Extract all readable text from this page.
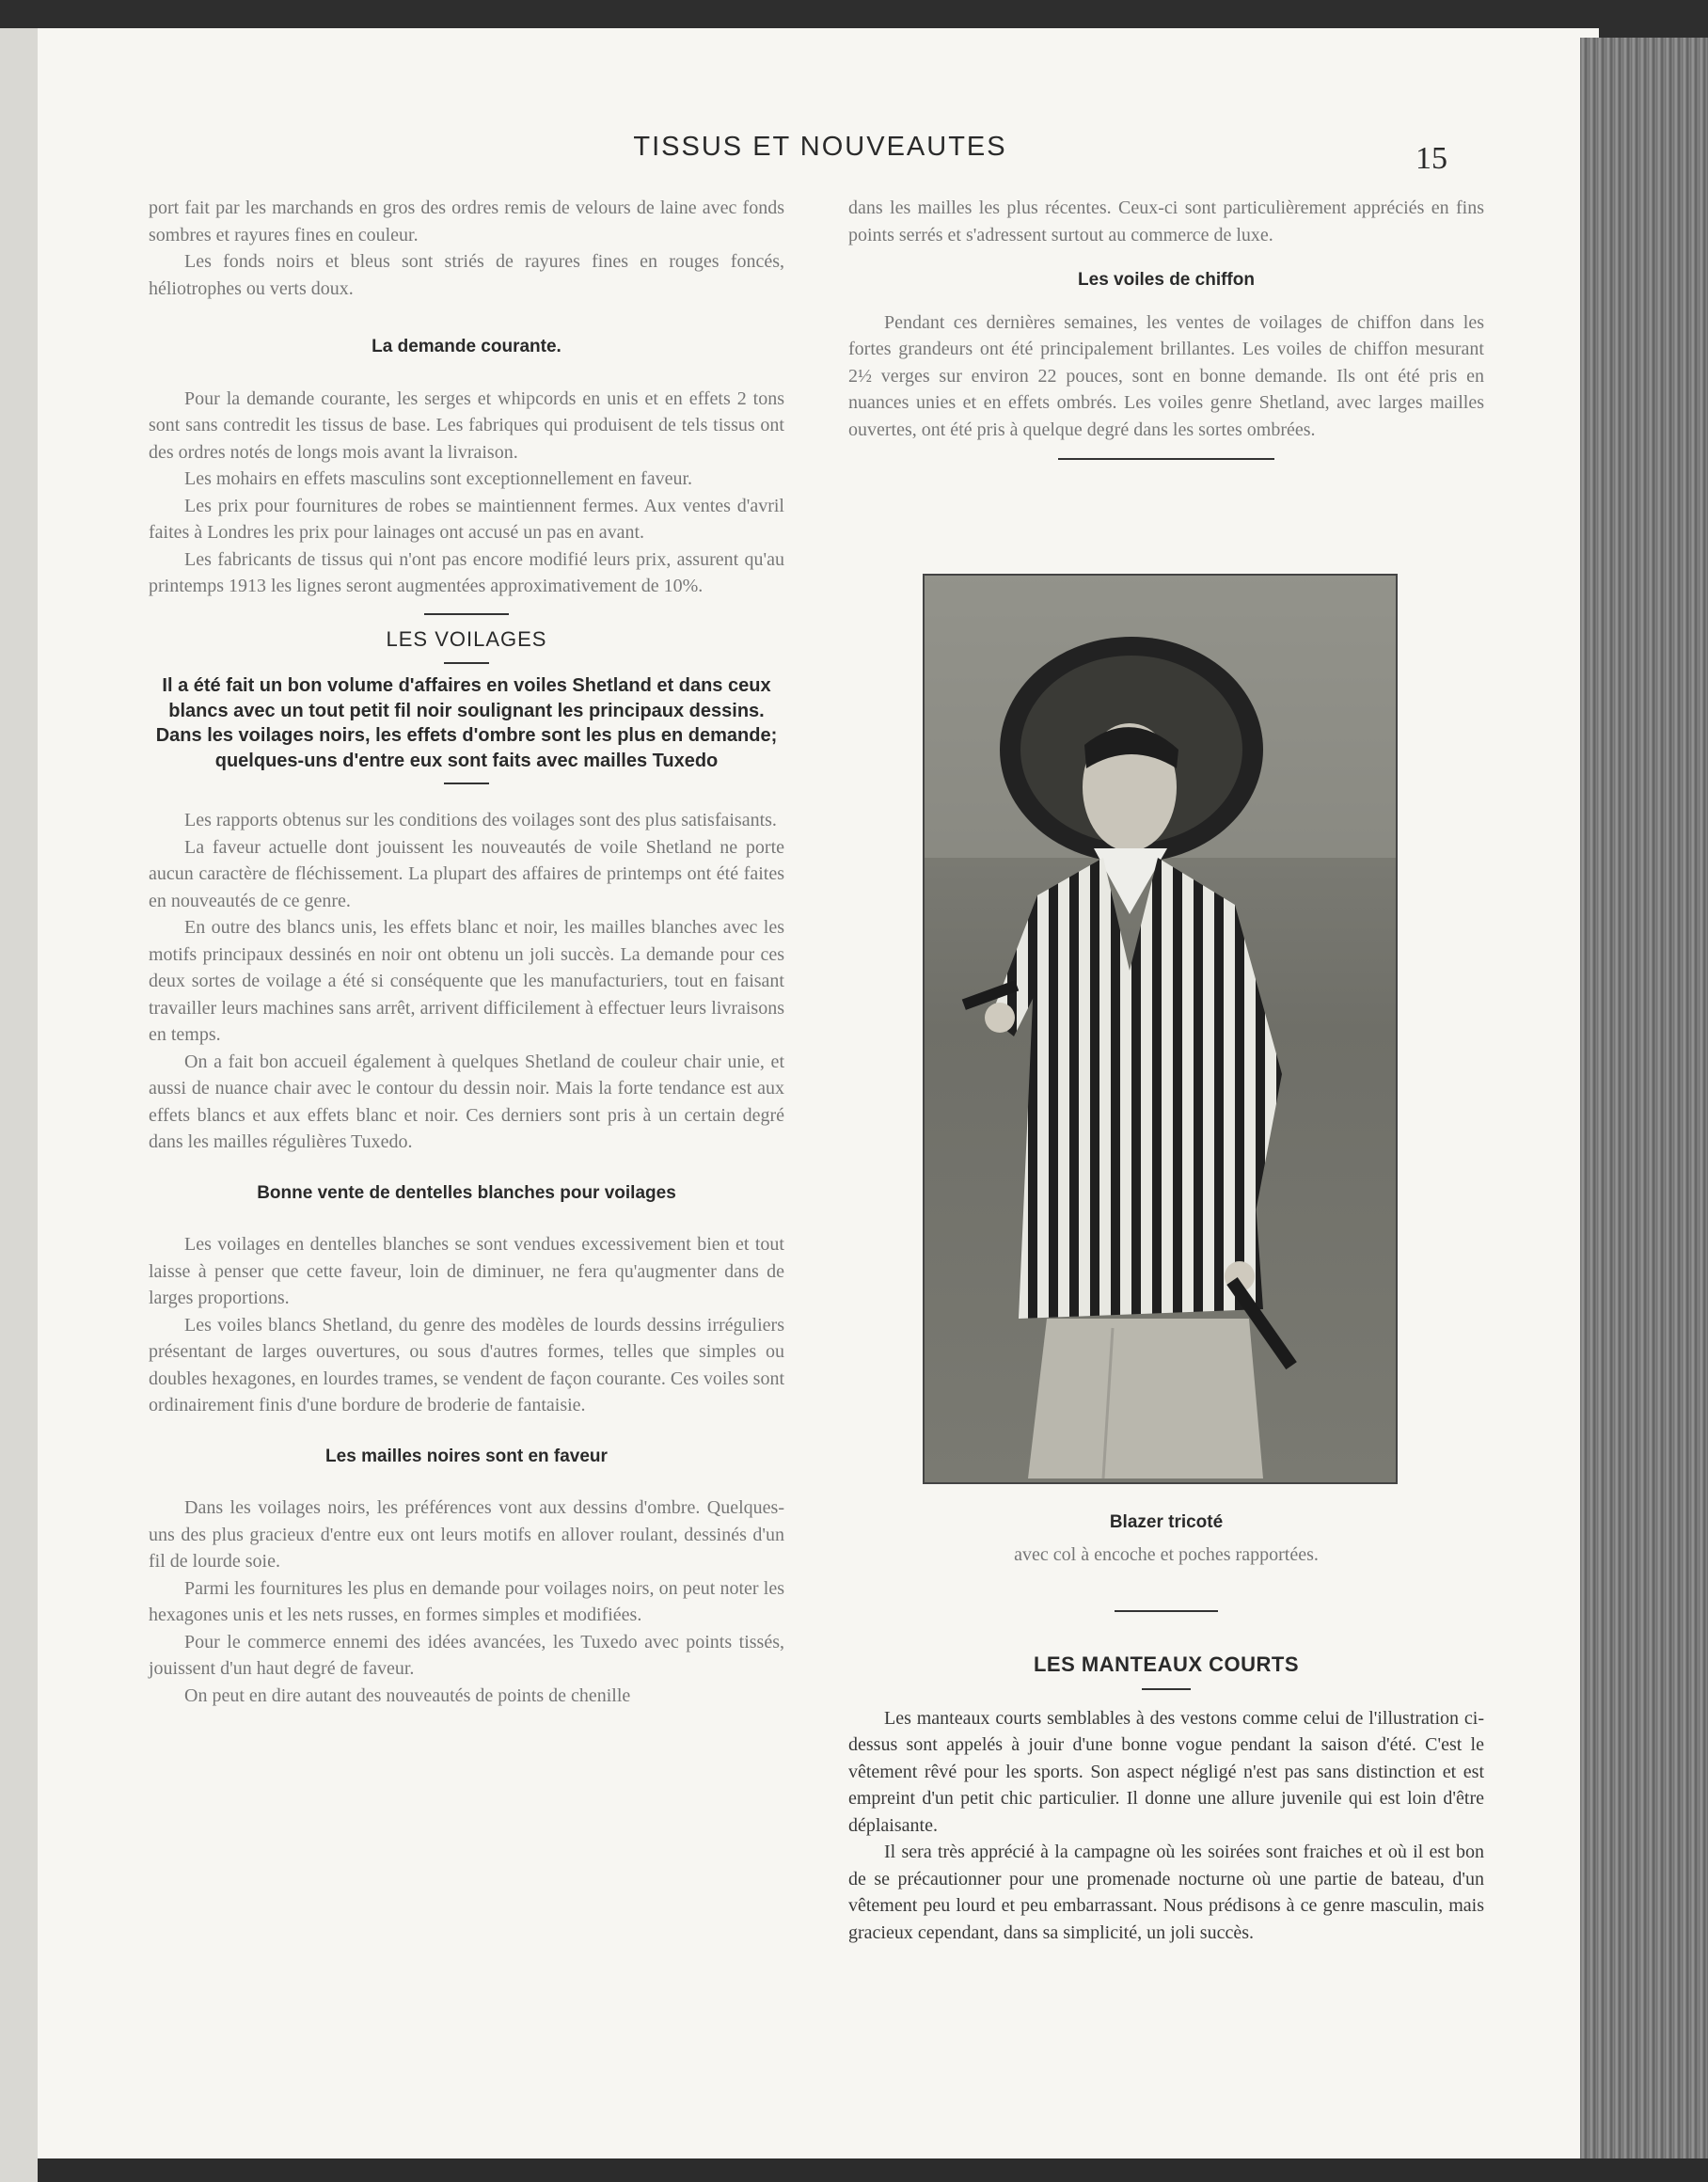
TISSUS ET NOUVEAUTES	15

port fait par les marchands en gros des ordres remis de velours de laine avec fonds sombres et rayures fines en couleur.

Les fonds noirs et bleus sont striés de rayures fines en rouges foncés, héliotrophes ou verts doux.

La demande courante.

Pour la demande courante, les serges et whipcords en unis et en effets 2 tons sont sans contredit les tissus de base. Les fabriques qui produisent de tels tissus ont des ordres notés de longs mois avant la livraison.

Les mohairs en effets masculins sont exceptionnellement en faveur.

Les prix pour fournitures de robes se maintiennent fermes. Aux ventes d'avril faites à Londres les prix pour lainages ont accusé un pas en avant.

Les fabricants de tissus qui n'ont pas encore modifié leurs prix, assurent qu'au printemps 1913 les lignes seront augmentées approximativement de 10%.

LES VOILAGES
Il a été fait un bon volume d'affaires en voiles Shetland et dans ceux blancs avec un tout petit fil noir soulignant les principaux dessins. Dans les voilages noirs, les effets d'ombre sont les plus en demande; quelques-uns d'entre eux sont faits avec mailles Tuxedo

Les rapports obtenus sur les conditions des voilages sont des plus satisfaisants.

La faveur actuelle dont jouissent les nouveautés de voile Shetland ne porte aucun caractère de fléchissement. La plupart des affaires de printemps ont été faites en nouveautés de ce genre.

En outre des blancs unis, les effets blanc et noir, les mailles blanches avec les motifs principaux dessinés en noir ont obtenu un joli succès. La demande pour ces deux sortes de voilage a été si conséquente que les manufacturiers, tout en faisant travailler leurs machines sans arrêt, arrivent difficilement à effectuer leurs livraisons en temps.

On a fait bon accueil également à quelques Shetland de couleur chair unie, et aussi de nuance chair avec le contour du dessin noir. Mais la forte tendance est aux effets blancs et aux effets blanc et noir. Ces derniers sont pris à un certain degré dans les mailles régulières Tuxedo.

Bonne vente de dentelles blanches pour voilages

Les voilages en dentelles blanches se sont vendues excessivement bien et tout laisse à penser que cette faveur, loin de diminuer, ne fera qu'augmenter dans de larges proportions.

Les voiles blancs Shetland, du genre des modèles de lourds dessins irréguliers présentant de larges ouvertures, ou sous d'autres formes, telles que simples ou doubles hexagones, en lourdes trames, se vendent de façon courante. Ces voiles sont ordinairement finis d'une bordure de broderie de fantaisie.

Les mailles noires sont en faveur

Dans les voilages noirs, les préférences vont aux dessins d'ombre. Quelques-uns des plus gracieux d'entre eux ont leurs motifs en allover roulant, dessinés d'un fil de lourde soie.

Parmi les fournitures les plus en demande pour voilages noirs, on peut noter les hexagones unis et les nets russes, en formes simples et modifiées.

Pour le commerce ennemi des idées avancées, les Tuxedo avec points tissés, jouissent d'un haut degré de faveur.

On peut en dire autant des nouveautés de points de chenille

dans les mailles les plus récentes. Ceux-ci sont particulièrement appréciés en fins points serrés et s'adressent surtout au commerce de luxe.

Les voiles de chiffon

Pendant ces dernières semaines, les ventes de voilages de chiffon dans les fortes grandeurs ont été principalement brillantes. Les voiles de chiffon mesurant 2½ verges sur environ 22 pouces, sont en bonne demande. Ils ont été pris en nuances unies et en effets ombrés. Les voiles genre Shetland, avec larges mailles ouvertes, ont été pris à quelque degré dans les sortes ombrées.

Blazer tricoté
avec col à encoche et poches rapportées.
LES MANTEAUX COURTS

Les manteaux courts semblables à des vestons comme celui de l'illustration ci-dessus sont appelés à jouir d'une bonne vogue pendant la saison d'été. C'est le vêtement rêvé pour les sports. Son aspect négligé n'est pas sans distinction et est empreint d'un petit chic particulier. Il donne une allure juvenile qui est loin d'être déplaisante.

Il sera très apprécié à la campagne où les soirées sont fraiches et où il est bon de se précautionner pour une promenade nocturne où une partie de bateau, d'un vêtement peu lourd et peu embarrassant. Nous prédisons à ce genre masculin, mais gracieux cependant, dans sa simplicité, un joli succès.
